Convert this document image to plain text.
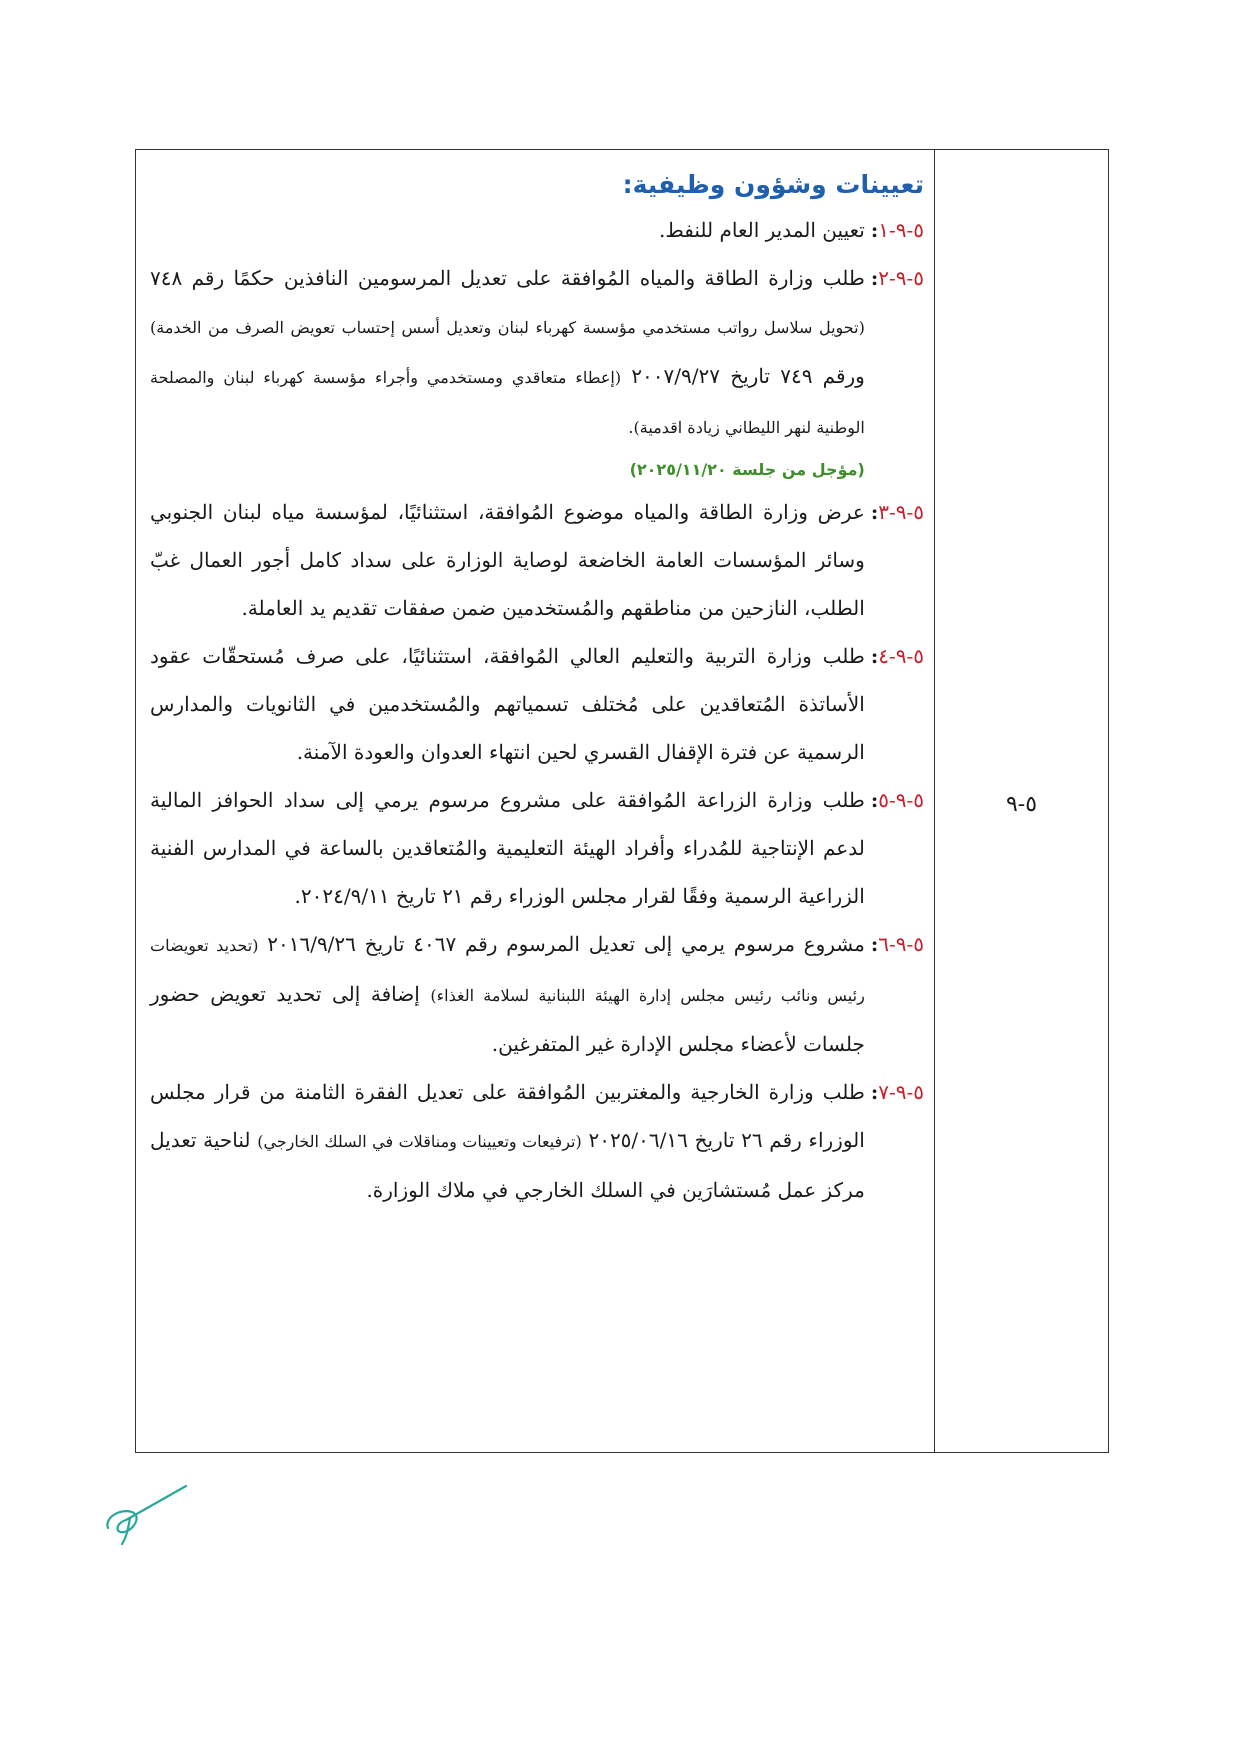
٥-٩
تعيينات وشؤون وظيفية:
٥-٩-١
:
تعيين المدير العام للنفط.
٥-٩-٢
:
طلب وزارة الطاقة والمياه المُوافقة على تعديل المرسومين النافذين حكمًا رقم ٧٤٨ (تحويل سلاسل رواتب مستخدمي مؤسسة كهرباء لبنان وتعديل أسس إحتساب تعويض الصرف من الخدمة) ورقم ٧٤٩ تاريخ ٢٠٠٧/٩/٢٧ (إعطاء متعاقدي ومستخدمي وأجراء مؤسسة كهرباء لبنان والمصلحة الوطنية لنهر الليطاني زيادة اقدمية).
(مؤجل من جلسة ٢٠٢٥/١١/٢٠)
٥-٩-٣
:
عرض وزارة الطاقة والمياه موضوع المُوافقة، استثنائيًا، لمؤسسة مياه لبنان الجنوبي وسائر المؤسسات العامة الخاضعة لوصاية الوزارة على سداد كامل أجور العمال غبّ الطلب، النازحين من مناطقهم والمُستخدمين ضمن صفقات تقديم يد العاملة.
٥-٩-٤
:
طلب وزارة التربية والتعليم العالي المُوافقة، استثنائيًا، على صرف مُستحقّات عقود الأساتذة المُتعاقدين على مُختلف تسمياتهم والمُستخدمين في الثانويات والمدارس الرسمية عن فترة الإقفال القسري لحين انتهاء العدوان والعودة الآمنة.
٥-٩-٥
:
طلب وزارة الزراعة المُوافقة على مشروع مرسوم يرمي إلى سداد الحوافز المالية لدعم الإنتاجية للمُدراء وأفراد الهيئة التعليمية والمُتعاقدين بالساعة في المدارس الفنية الزراعية الرسمية وفقًا لقرار مجلس الوزراء رقم ٢١ تاريخ ٢٠٢٤/٩/١١.
٥-٩-٦
:
مشروع مرسوم يرمي إلى تعديل المرسوم رقم ٤٠٦٧ تاريخ ٢٠١٦/٩/٢٦ (تحديد تعويضات رئيس ونائب رئيس مجلس إدارة الهيئة اللبنانية لسلامة الغذاء) إضافة إلى تحديد تعويض حضور جلسات لأعضاء مجلس الإدارة غير المتفرغين.
٥-٩-٧
:
طلب وزارة الخارجية والمغتربين المُوافقة على تعديل الفقرة الثامنة من قرار مجلس الوزراء رقم ٢٦ تاريخ ٢٠٢٥/٠٦/١٦ (ترفيعات وتعيينات ومناقلات في السلك الخارجي) لناحية تعديل مركز عمل مُستشارَين في السلك الخارجي في ملاك الوزارة.
